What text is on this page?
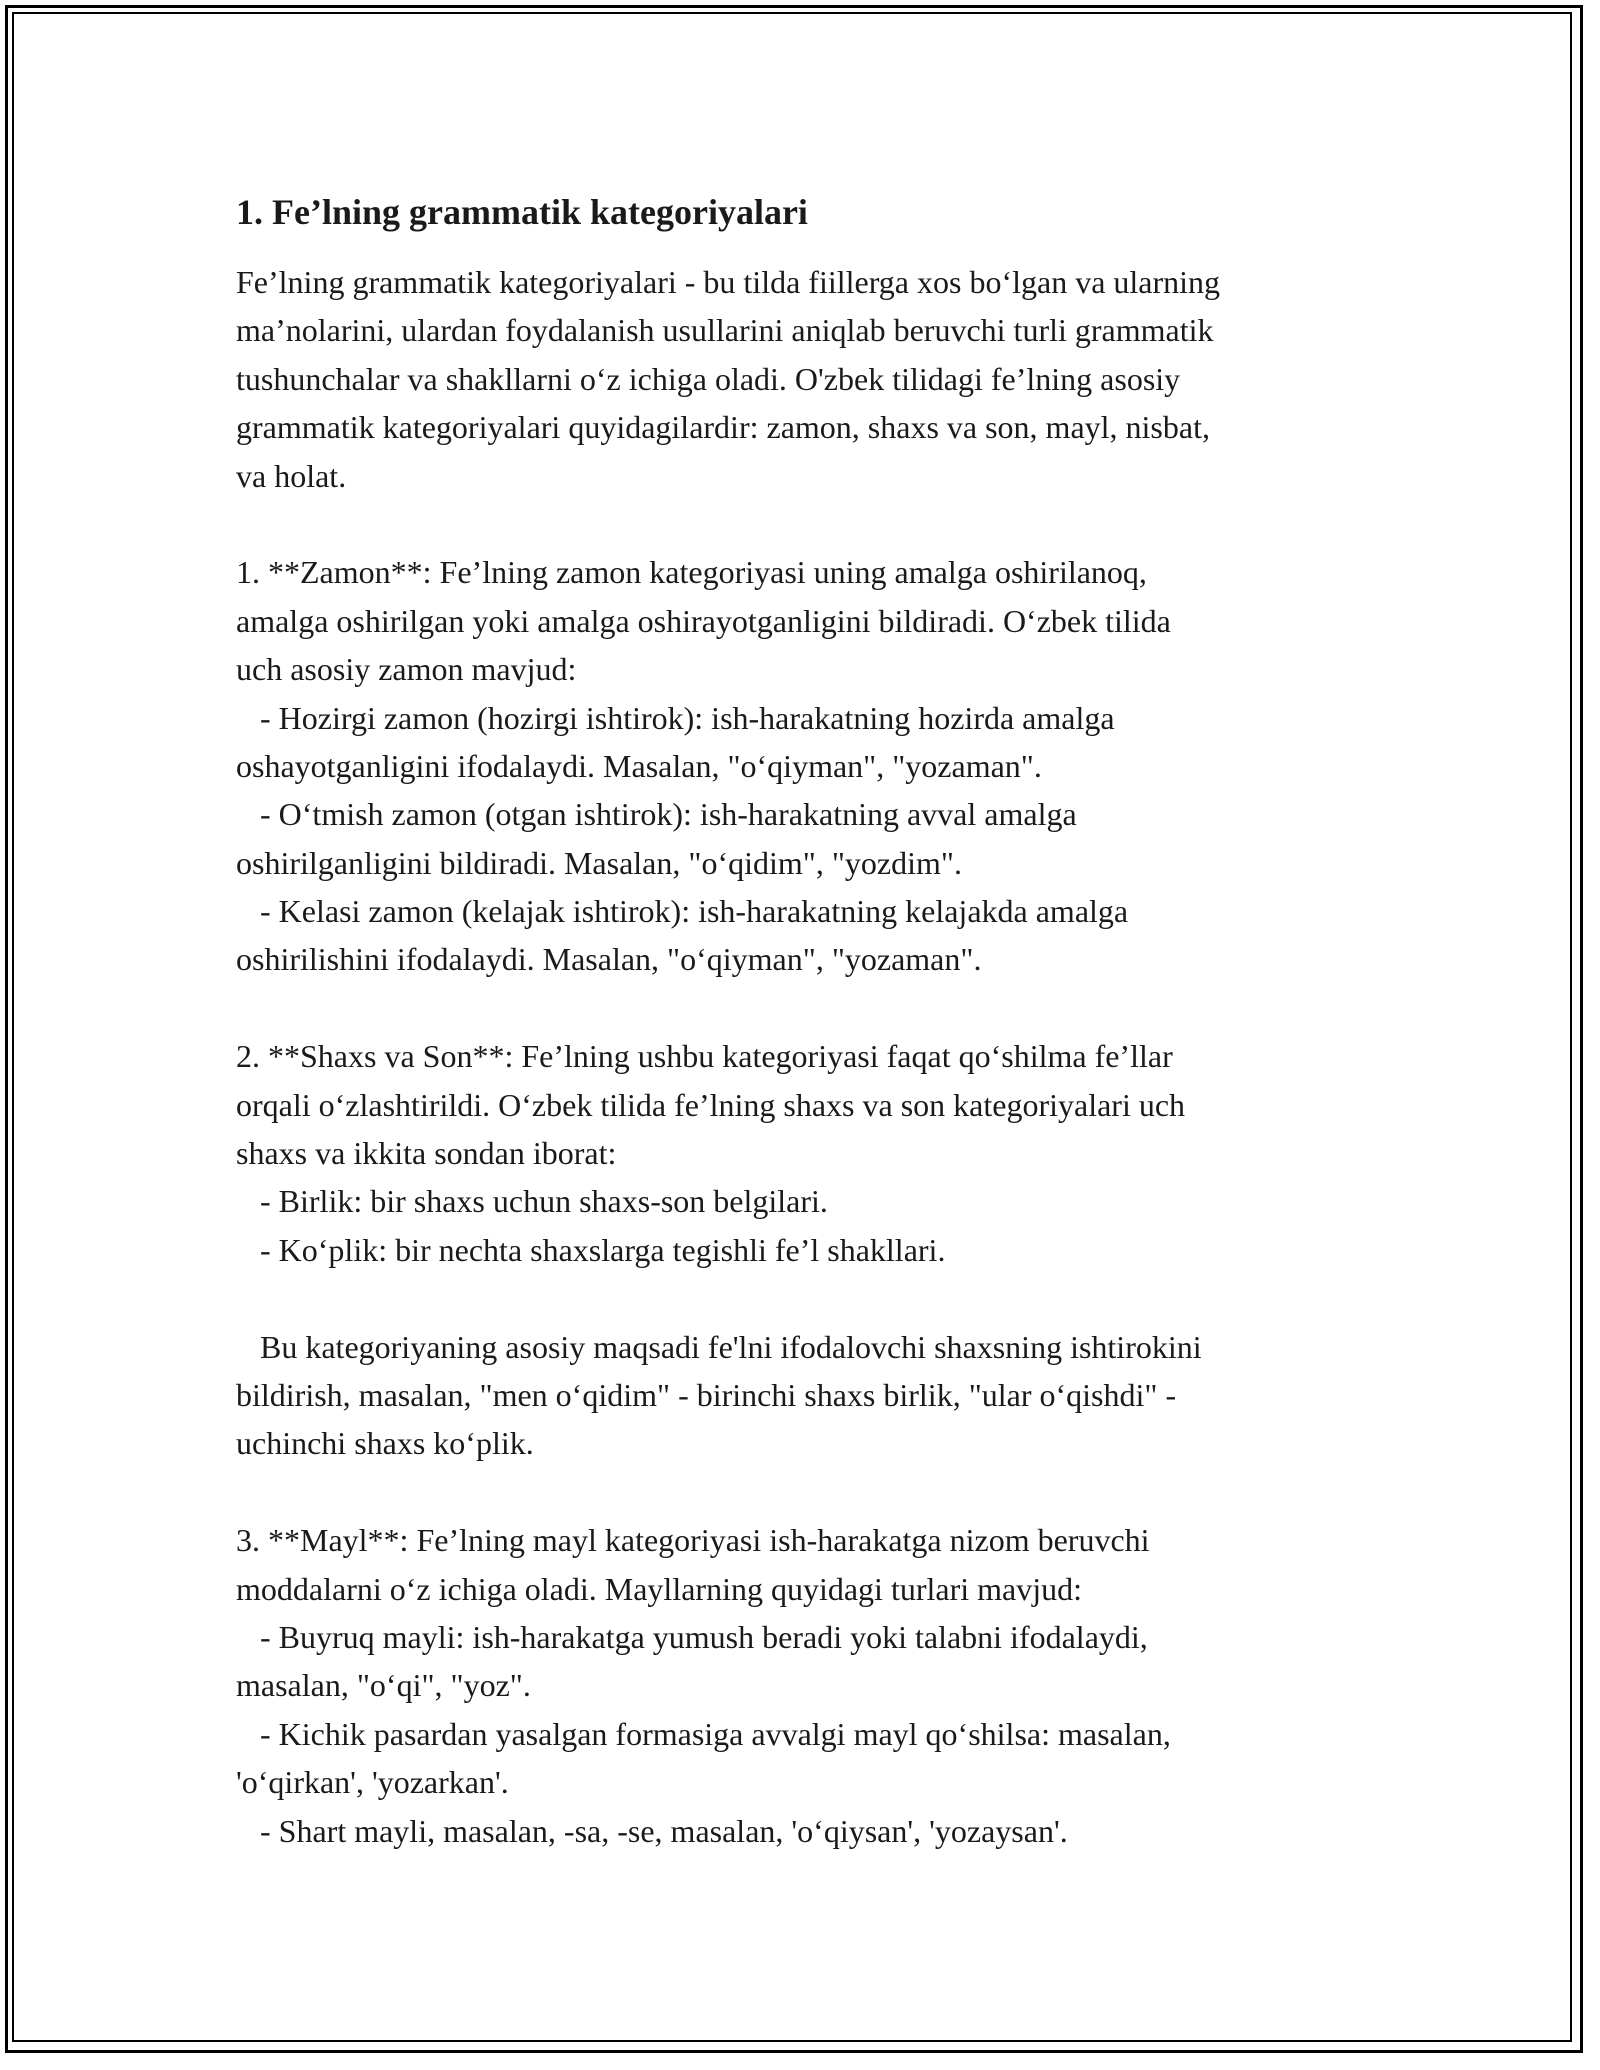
1. Fe’lning grammatik kategoriyalari
Fe’lning grammatik kategoriyalari - bu tilda fiillerga xos bo‘lgan va ularning
ma’nolarini, ulardan foydalanish usullarini aniqlab beruvchi turli grammatik
tushunchalar va shakllarni o‘z ichiga oladi. O'zbek tilidagi fe’lning asosiy
grammatik kategoriyalari quyidagilardir: zamon, shaxs va son, mayl, nisbat,
va holat.
1. **Zamon**: Fe’lning zamon kategoriyasi uning amalga oshirilanoq,
amalga oshirilgan yoki amalga oshirayotganligini bildiradi. O‘zbek tilida
uch asosiy zamon mavjud:
- Hozirgi zamon (hozirgi ishtirok): ish-harakatning hozirda amalga
oshayotganligini ifodalaydi. Masalan, "o‘qiyman", "yozaman".
- O‘tmish zamon (otgan ishtirok): ish-harakatning avval amalga
oshirilganligini bildiradi. Masalan, "o‘qidim", "yozdim".
- Kelasi zamon (kelajak ishtirok): ish-harakatning kelajakda amalga
oshirilishini ifodalaydi. Masalan, "o‘qiyman", "yozaman".
2. **Shaxs va Son**: Fe’lning ushbu kategoriyasi faqat qo‘shilma fe’llar
orqali o‘zlashtirildi. O‘zbek tilida fe’lning shaxs va son kategoriyalari uch
shaxs va ikkita sondan iborat:
- Birlik: bir shaxs uchun shaxs-son belgilari.
- Ko‘plik: bir nechta shaxslarga tegishli fe’l shakllari.
Bu kategoriyaning asosiy maqsadi fe'lni ifodalovchi shaxsning ishtirokini
bildirish, masalan, "men o‘qidim" - birinchi shaxs birlik, "ular o‘qishdi" -
uchinchi shaxs ko‘plik.
3. **Mayl**: Fe’lning mayl kategoriyasi ish-harakatga nizom beruvchi
moddalarni o‘z ichiga oladi. Mayllarning quyidagi turlari mavjud:
- Buyruq mayli: ish-harakatga yumush beradi yoki talabni ifodalaydi,
masalan, "o‘qi", "yoz".
- Kichik pasardan yasalgan formasiga avvalgi mayl qo‘shilsa: masalan,
'o‘qirkan', 'yozarkan'.
- Shart mayli, masalan, -sa, -se, masalan, 'o‘qiysan', 'yozaysan'.
